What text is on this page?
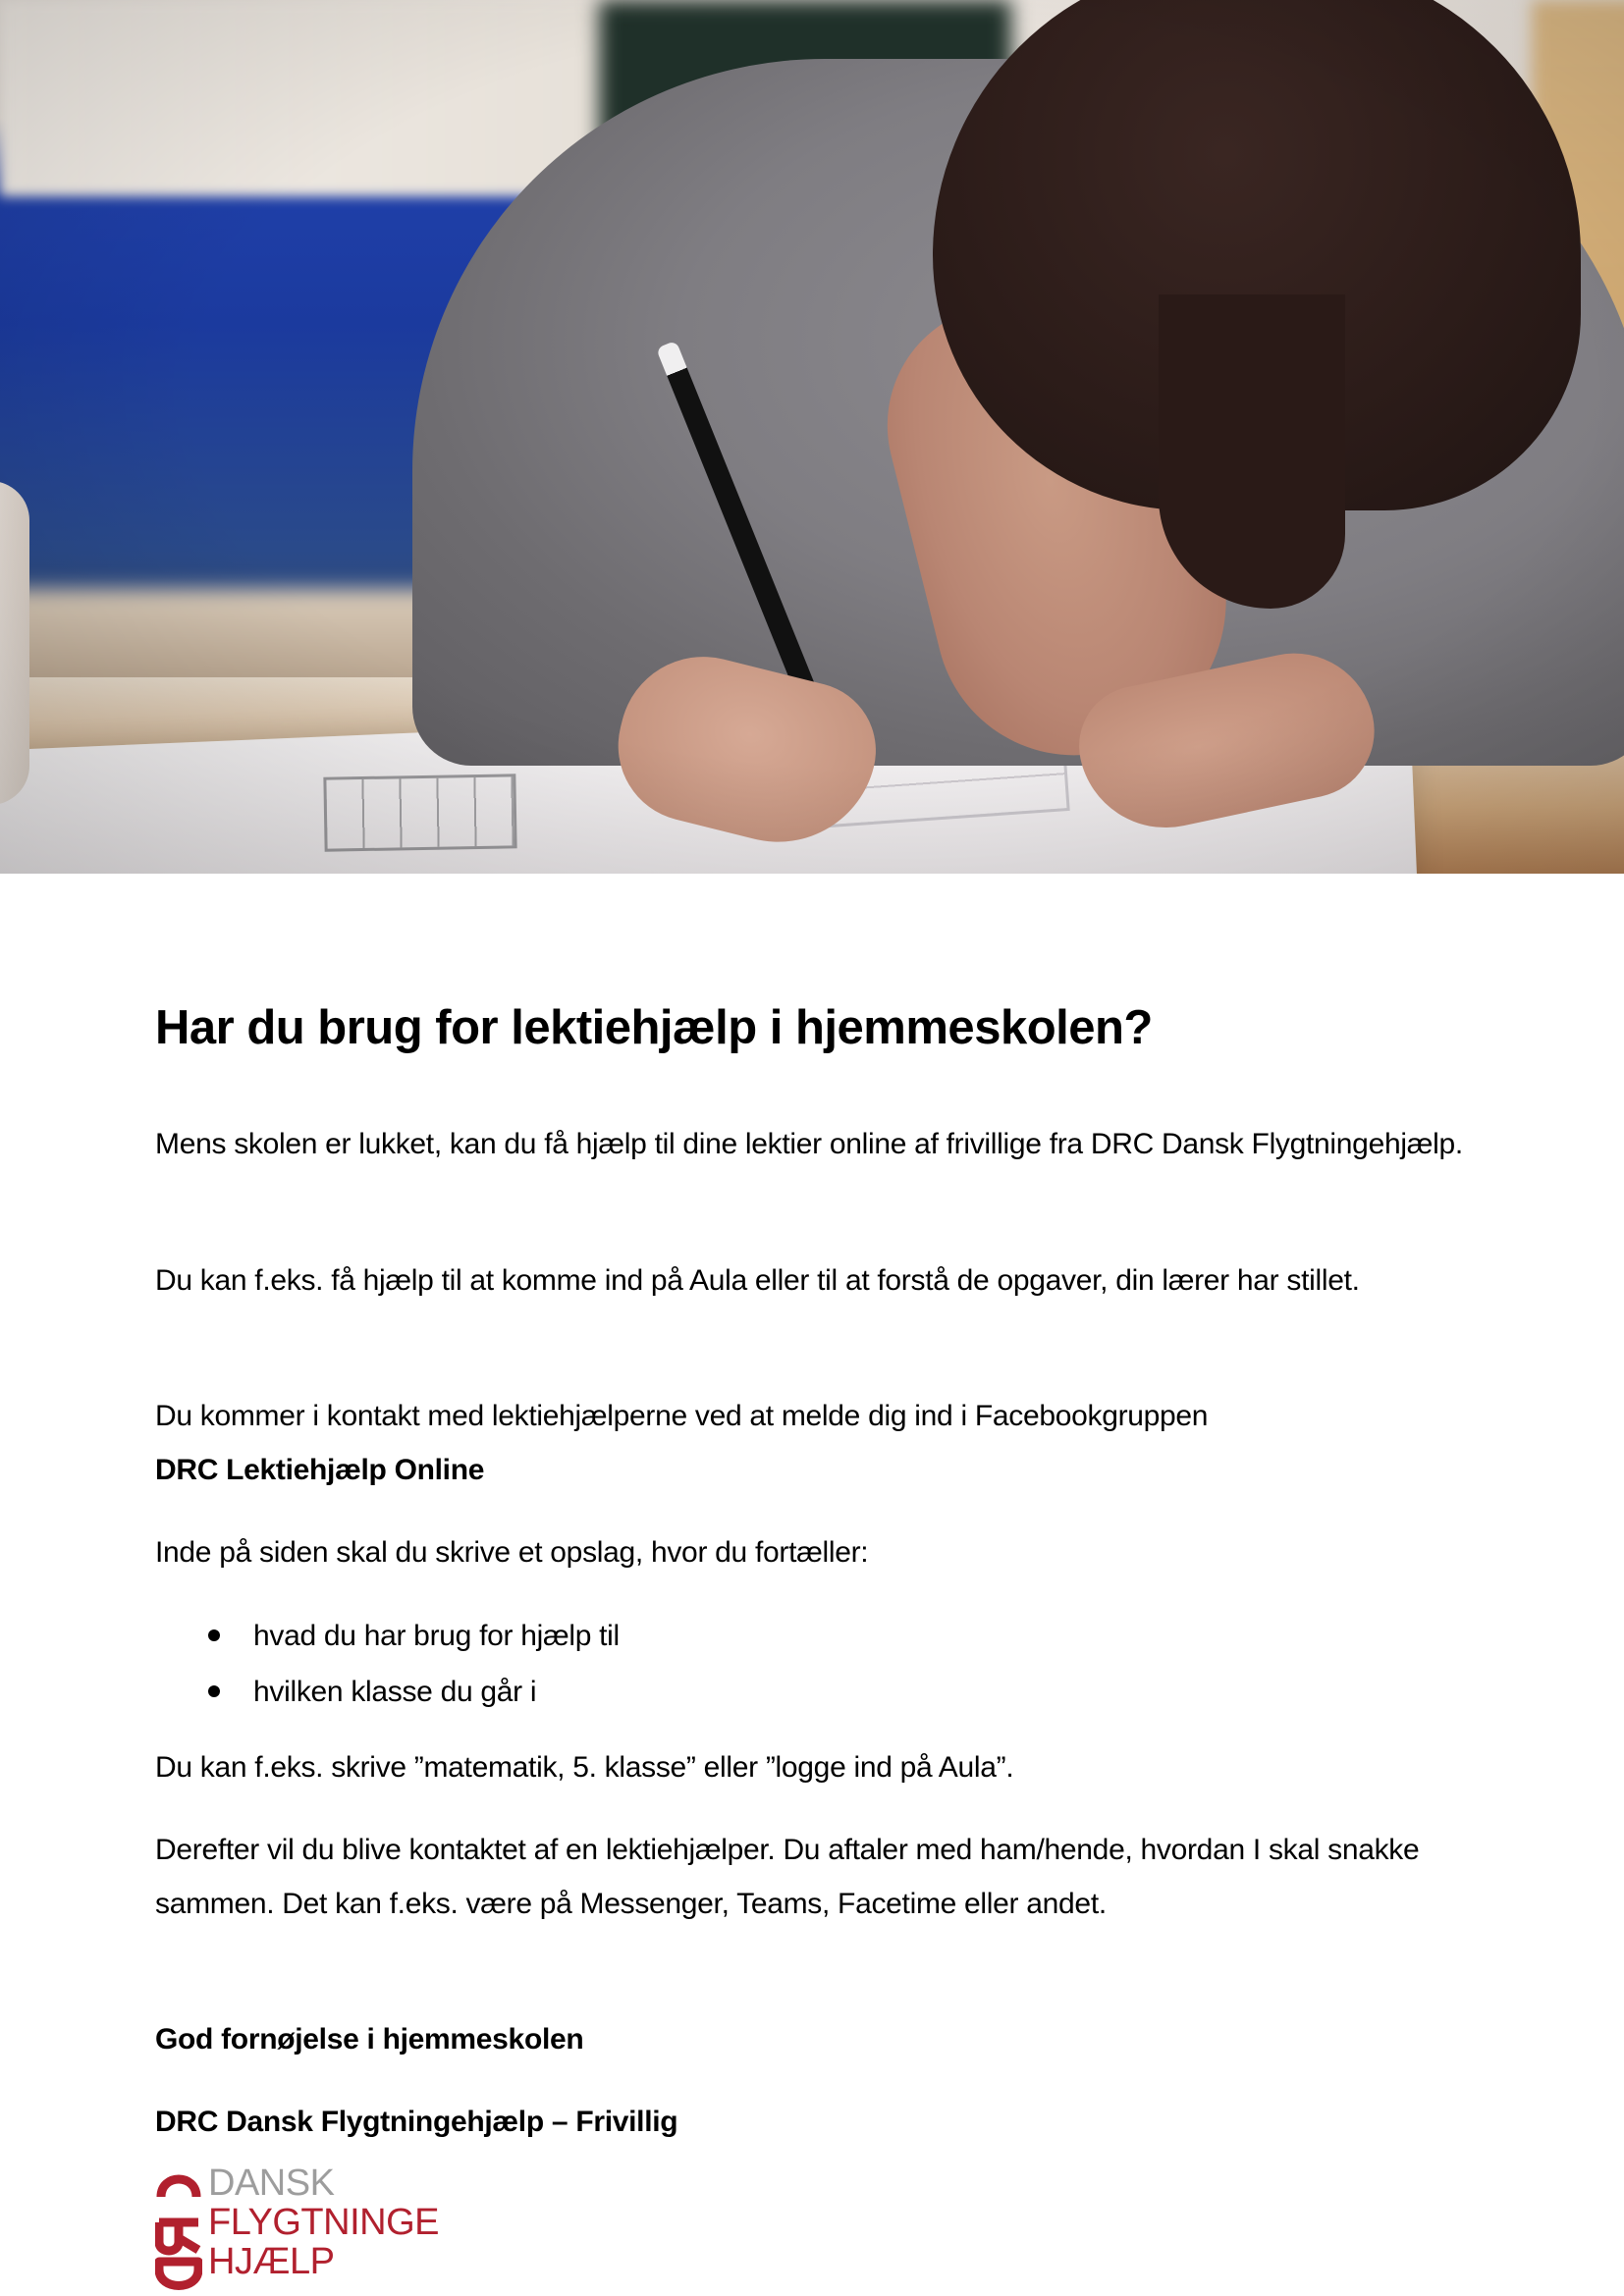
Har du brug for lektiehjælp i hjemmeskolen?

Mens skolen er lukket, kan du få hjælp til dine lektier online af frivillige fra DRC Dansk Flygtningehjælp.

Du kan f.eks. få hjælp til at komme ind på Aula eller til at forstå de opgaver, din lærer har stillet.

Du kommer i kontakt med lektiehjælperne ved at melde dig ind i Facebookgruppen
DRC Lektiehjælp Online

Inde på siden skal du skrive et opslag, hvor du fortæller:

hvad du har brug for hjælp til
hvilken klasse du går i

Du kan f.eks. skrive ”matematik, 5. klasse” eller ”logge ind på Aula”.

Derefter vil du blive kontaktet af en lektiehjælper. Du aftaler med ham/hende, hvordan I skal snakke sammen. Det kan f.eks. være på Messenger, Teams, Facetime eller andet.

God fornøjelse i hjemmeskolen

DRC Dansk Flygtningehjælp – Frivillig

DANSK
FLYGTNINGE
HJÆLP
